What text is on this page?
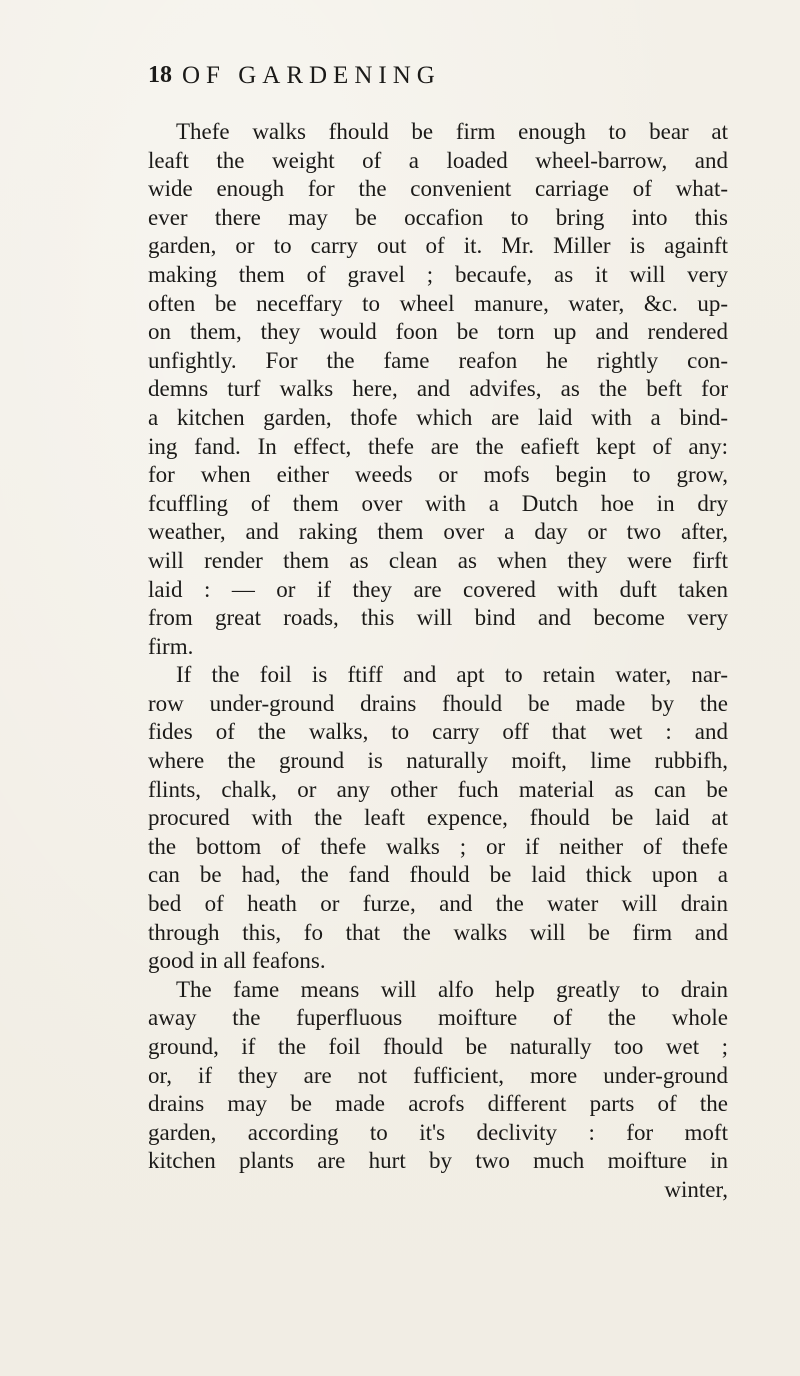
18 OF GARDENING
Thefe walks fhould be firm enough to bear at
leaft the weight of a loaded wheel-barrow, and
wide enough for the convenient carriage of what-
ever there may be occafion to bring into this
garden, or to carry out of it. Mr. Miller is againft
making them of gravel ; becaufe, as it will very
often be neceffary to wheel manure, water, &c. up-
on them, they would foon be torn up and rendered
unfightly. For the fame reafon he rightly con-
demns turf walks here, and advifes, as the beft for
a kitchen garden, thofe which are laid with a bind-
ing fand. In effect, thefe are the eafieft kept of any:
for when either weeds or mofs begin to grow,
fcuffling of them over with a Dutch hoe in dry
weather, and raking them over a day or two after,
will render them as clean as when they were firft
laid : — or if they are covered with duft taken
from great roads, this will bind and become very
firm.
If the foil is ftiff and apt to retain water, nar-
row under-ground drains fhould be made by the
fides of the walks, to carry off that wet : and
where the ground is naturally moift, lime rubbifh,
flints, chalk, or any other fuch material as can be
procured with the leaft expence, fhould be laid at
the bottom of thefe walks ; or if neither of thefe
can be had, the fand fhould be laid thick upon a
bed of heath or furze, and the water will drain
through this, fo that the walks will be firm and
good in all feafons.
The fame means will alfo help greatly to drain
away the fuperfluous moifture of the whole
ground, if the foil fhould be naturally too wet ;
or, if they are not fufficient, more under-ground
drains may be made acrofs different parts of the
garden, according to it's declivity : for moft
kitchen plants are hurt by two much moifture in
winter,
